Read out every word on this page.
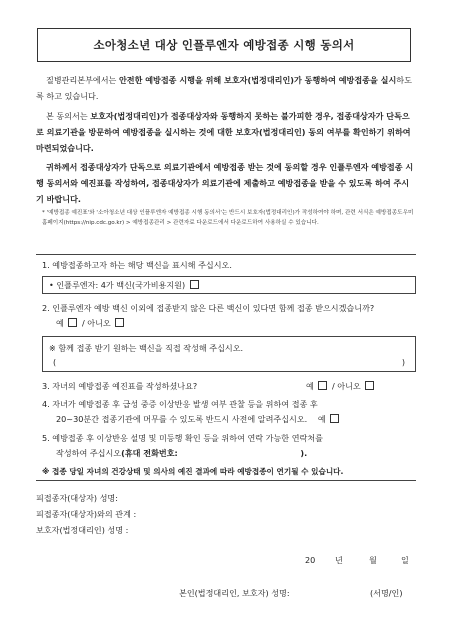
소아청소년 대상 인플루엔자 예방접종 시행 동의서
질병관리본부에서는 안전한 예방접종 시행을 위해 보호자(법정대리인)가 동행하여 예방접종을 실시하도록 하고 있습니다.
본 동의서는 보호자(법정대리인)가 접종대상자와 동행하지 못하는 불가피한 경우, 접종대상자가 단독으로 의료기관을 방문하여 예방접종을 실시하는 것에 대한 보호자(법정대리인) 동의 여부를 확인하기 위하여 마련되었습니다.
귀하께서 접종대상자가 단독으로 의료기관에서 예방접종 받는 것에 동의할 경우 인플루엔자 예방접종 시행 동의서와 예진표를 작성하여, 접종대상자가 의료기관에 제출하고 예방접종을 받을 수 있도록 하여 주시기 바랍니다.
* '예방접종 예진표'와 '소아청소년 대상 인플루엔자 예방접종 시행 동의서'는 반드시 보호자(법정대리인)가 작성하여야 하며, 관련 서식은 예방접종도우미 홈페이지(https://nip.cdc.go.kr) > 예방접종관리 > 관련자료 다운로드에서 다운로드하여 사용하실 수 있습니다.
1. 예방접종하고자 하는 해당 백신을 표시해 주십시오.
• 인플루엔자: 4가 백신(국가비용지원)
2. 인플루엔자 예방 백신 이외에 접종받지 않은 다른 백신이 있다면 함께 접종 받으시겠습니까?
예 / 아니오
※ 함께 접종 받기 원하는 백신을 직접 작성해 주십시오.
(	)
3. 자녀의 예방접종 예진표를 작성하셨나요?	예 / 아니오
4. 자녀가 예방접종 후 급성 중증 이상반응 발생 여부 관찰 등을 위하여 접종 후
20~30분간 접종기관에 머무를 수 있도록 반드시 사전에 알려주십시오. 예
5. 예방접종 후 이상반응 설명 및 미등행 확인 등을 위하여 연락 가능한 연락처를
작성하여 주십시오(휴대 전화번호:	).
※ 접종 당일 자녀의 건강상태 및 의사의 예진 결과에 따라 예방접종이 연기될 수 있습니다.
피접종자(대상자) 성명:
피접종자(대상자)와의 관계 :
보호자(법정대리인) 성명 :
20 년	월	일
본인(법정대리인, 보호자) 성명:	(서명/인)
